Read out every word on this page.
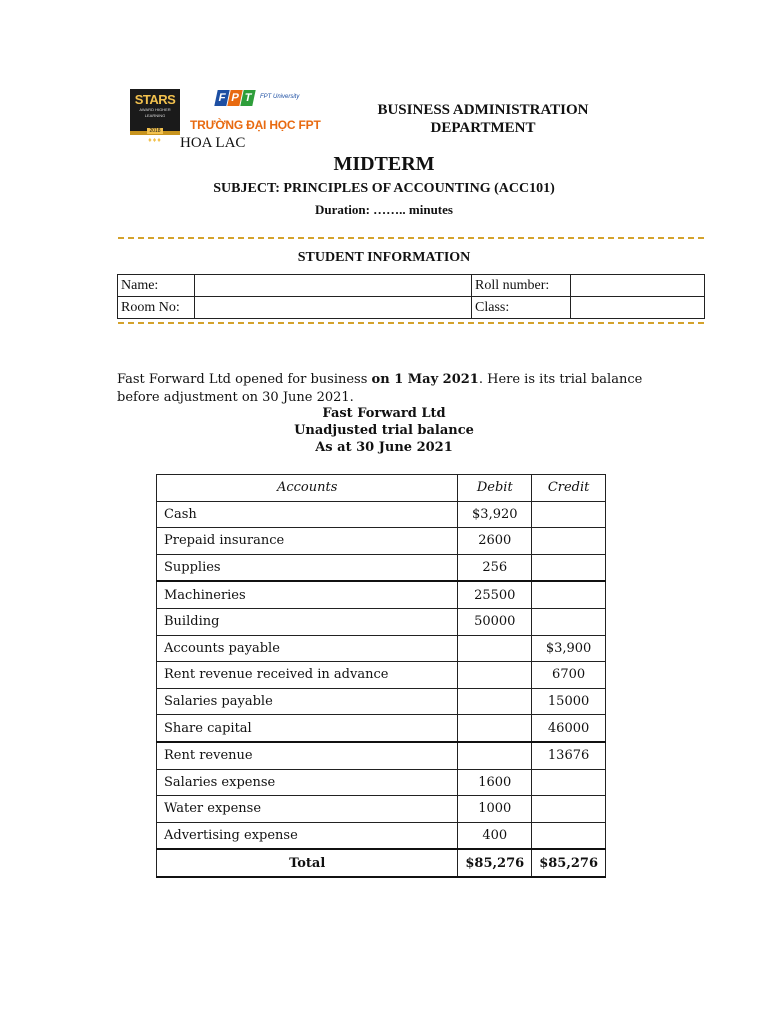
STARS
AWARD HIGHER LEARNING
2018
♦♦♦
F P T	FPT University
TRƯỜNG ĐẠI HỌC FPT
HOA LAC
BUSINESS ADMINISTRATION
DEPARTMENT
MIDTERM
SUBJECT: PRINCIPLES OF ACCOUNTING (ACC101)
Duration: …….. minutes
STUDENT INFORMATION
Name:		Roll number:	
Room No:		Class:	
Fast Forward Ltd opened for business on 1 May 2021. Here is its trial balance before adjustment on 30 June 2021.
Fast Forward Ltd
Unadjusted trial balance
As at 30 June 2021
Accounts	Debit	Credit
Cash	$3,920	
Prepaid insurance	2600	
Supplies	256	
Machineries	25500	
Building	50000	
Accounts payable		$3,900
Rent revenue received in advance		6700
Salaries payable		15000
Share capital		46000
Rent revenue		13676
Salaries expense	1600	
Water expense	1000	
Advertising expense	400	
Total	$85,276	$85,276
